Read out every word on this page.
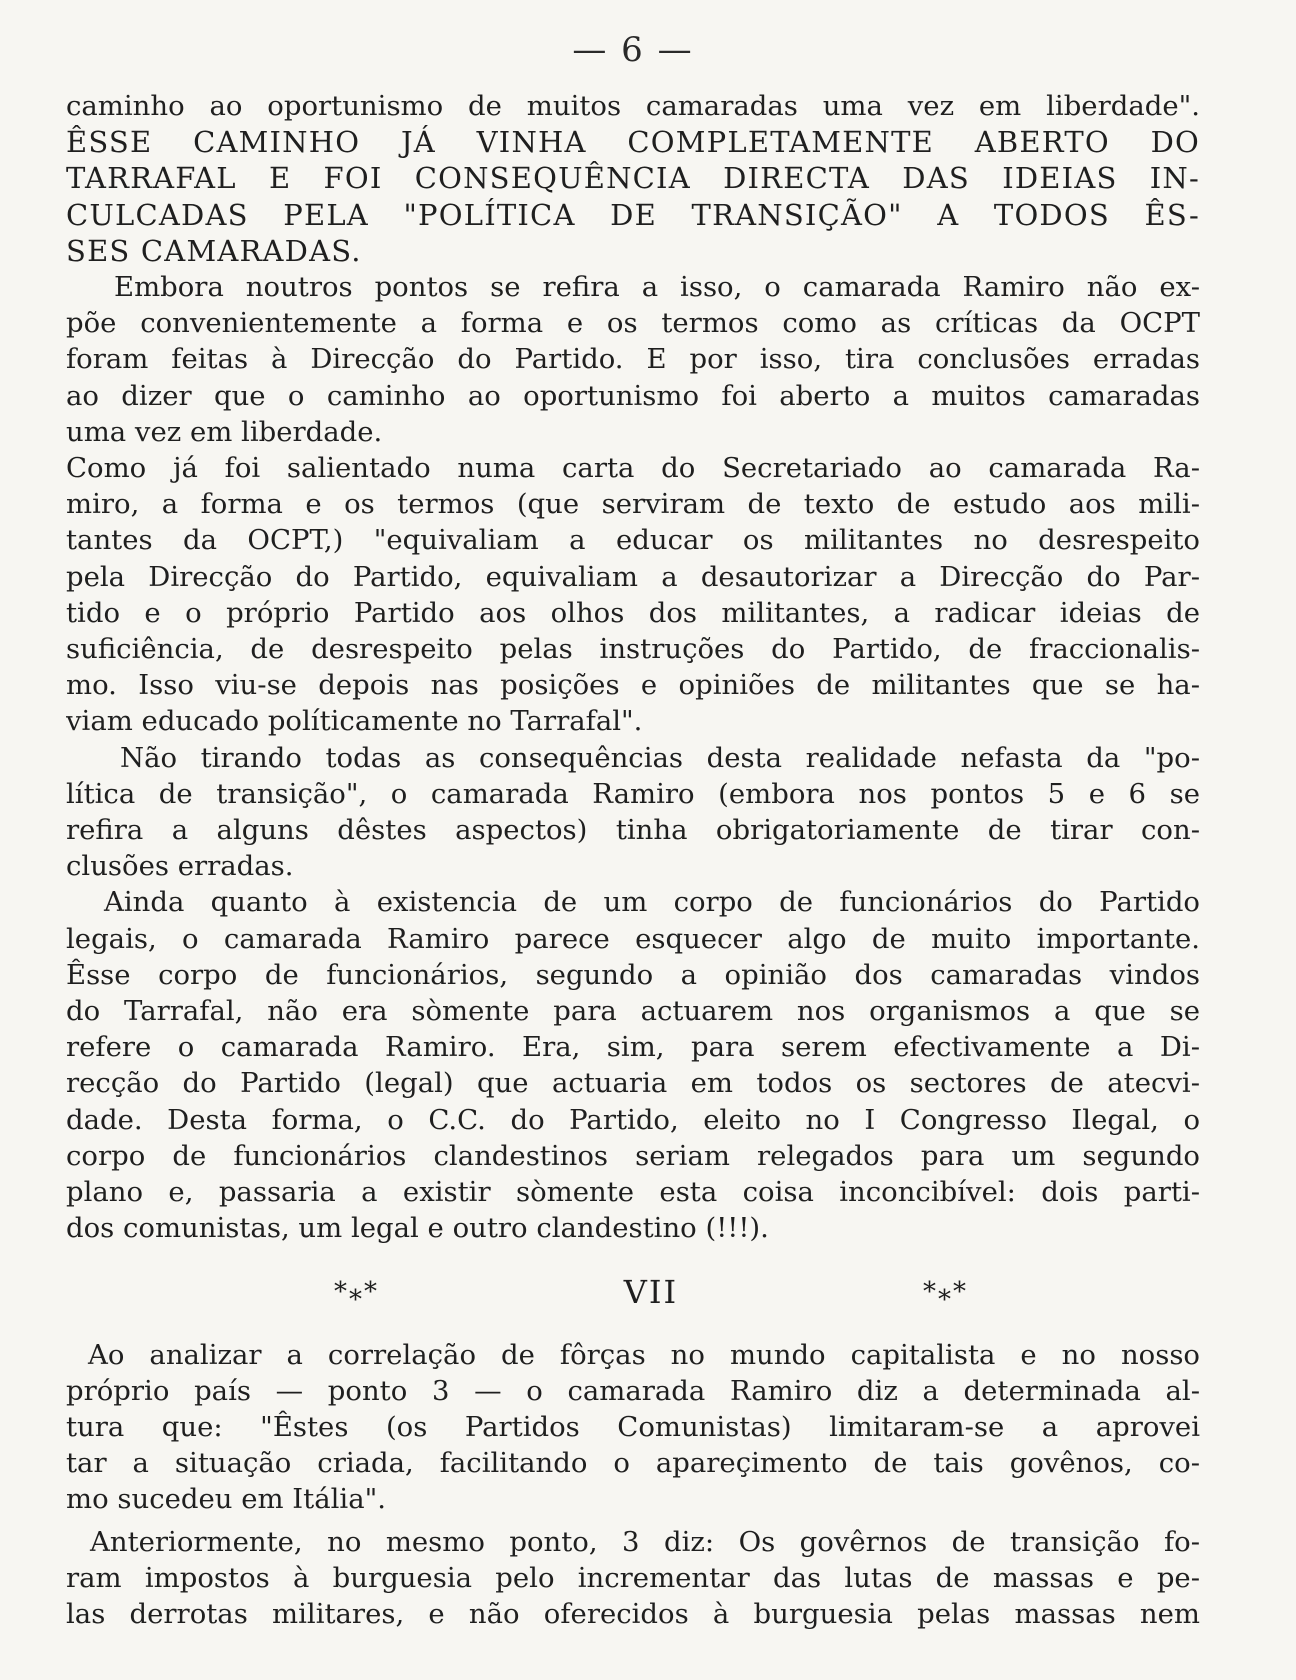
— 6 —
caminho ao oportunismo de muitos camaradas uma vez em liberdade".
ÊSSE CAMINHO JÁ VINHA COMPLETAMENTE ABERTO DO
TARRAFAL E FOI CONSEQUÊNCIA DIRECTA DAS IDEIAS IN-
CULCADAS PELA "POLÍTICA DE TRANSIÇÃO" A TODOS ÊS-
SES CAMARADAS.
Embora noutros pontos se refira a isso, o camarada Ramiro não ex-
põe convenientemente a forma e os termos como as críticas da OCPT
foram feitas à Direcção do Partido. E por isso, tira conclusões erradas
ao dizer que o caminho ao oportunismo foi aberto a muitos camaradas
uma vez em liberdade.
Como já foi salientado numa carta do Secretariado ao camarada Ra-
miro, a forma e os termos (que serviram de texto de estudo aos mili-
tantes da OCPT,) "equivaliam a educar os militantes no desrespeito
pela Direcção do Partido, equivaliam a desautorizar a Direcção do Par-
tido e o próprio Partido aos olhos dos militantes, a radicar ideias de
suficiência, de desrespeito pelas instruções do Partido, de fraccionalis-
mo. Isso viu-se depois nas posições e opiniões de militantes que se ha-
viam educado políticamente no Tarrafal".
Não tirando todas as consequências desta realidade nefasta da "po-
lítica de transição", o camarada Ramiro (embora nos pontos 5 e 6 se
refira a alguns dêstes aspectos) tinha obrigatoriamente de tirar con-
clusões erradas.
Ainda quanto à existencia de um corpo de funcionários do Partido
legais, o camarada Ramiro parece esquecer algo de muito importante.
Êsse corpo de funcionários, segundo a opinião dos camaradas vindos
do Tarrafal, não era sòmente para actuarem nos organismos a que se
refere o camarada Ramiro. Era, sim, para serem efectivamente a Di-
recção do Partido (legal) que actuaria em todos os sectores de atecvi-
dade. Desta forma, o C.C. do Partido, eleito no I Congresso Ilegal, o
corpo de funcionários clandestinos seriam relegados para um segundo
plano e, passaria a existir sòmente esta coisa inconcibível: dois parti-
dos comunistas, um legal e outro clandestino (!!!).
*⁎*	VII	*⁎*
Ao analizar a correlação de fôrças no mundo capitalista e no nosso
próprio país — ponto 3 — o camarada Ramiro diz a determinada al-
tura que: "Êstes (os Partidos Comunistas) limitaram-se a aprovei
tar a situação criada, facilitando o apareçimento de tais govênos, co-
mo sucedeu em Itália".
Anteriormente, no mesmo ponto, 3 diz: Os govêrnos de transição fo-
ram impostos à burguesia pelo incrementar das lutas de massas e pe-
las derrotas militares, e não oferecidos à burguesia pelas massas nem
